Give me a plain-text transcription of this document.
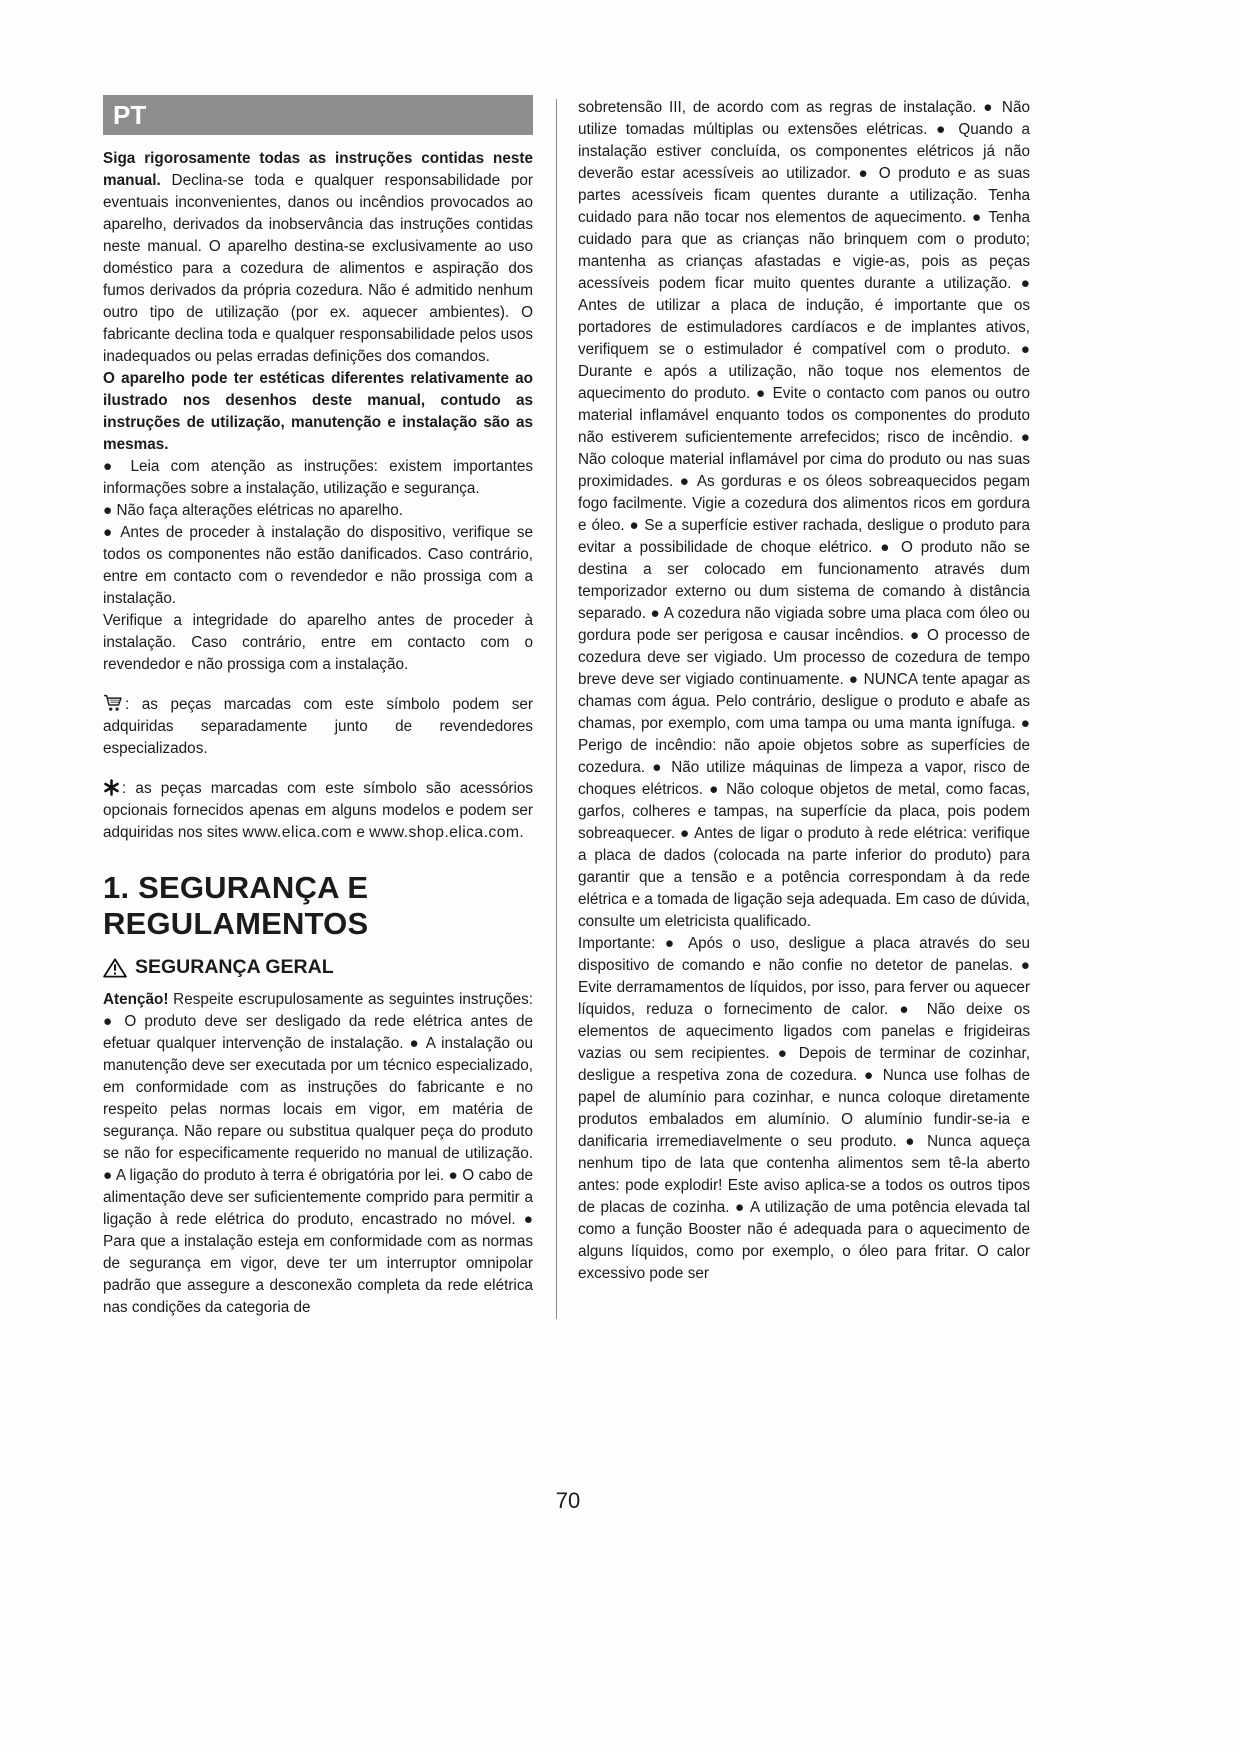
PT

Siga rigorosamente todas as instruções contidas neste manual. Declina-se toda e qualquer responsabilidade por eventuais inconvenientes, danos ou incêndios provocados ao aparelho, derivados da inobservância das instruções contidas neste manual. O aparelho destina-se exclusivamente ao uso doméstico para a cozedura de alimentos e aspiração dos fumos derivados da própria cozedura. Não é admitido nenhum outro tipo de utilização (por ex. aquecer ambientes). O fabricante declina toda e qualquer responsabilidade pelos usos inadequados ou pelas erradas definições dos comandos.

O aparelho pode ter estéticas diferentes relativamente ao ilustrado nos desenhos deste manual, contudo as instruções de utilização, manutenção e instalação são as mesmas.

● Leia com atenção as instruções: existem importantes informações sobre a instalação, utilização e segurança.

● Não faça alterações elétricas no aparelho.

● Antes de proceder à instalação do dispositivo, verifique se todos os componentes não estão danificados. Caso contrário, entre em contacto com o revendedor e não prossiga com a instalação.

Verifique a integridade do aparelho antes de proceder à instalação. Caso contrário, entre em contacto com o revendedor e não prossiga com a instalação.

: as peças marcadas com este símbolo podem ser adquiridas separadamente junto de revendedores especializados.

: as peças marcadas com este símbolo são acessórios opcionais fornecidos apenas em alguns modelos e podem ser adquiridas nos sites www.elica.com e www.shop.elica.com.

1. SEGURANÇA E REGULAMENTOS
SEGURANÇA GERAL

Atenção! Respeite escrupulosamente as seguintes instruções: ● O produto deve ser desligado da rede elétrica antes de efetuar qualquer intervenção de instalação. ● A instalação ou manutenção deve ser executada por um técnico especializado, em conformidade com as instruções do fabricante e no respeito pelas normas locais em vigor, em matéria de segurança. Não repare ou substitua qualquer peça do produto se não for especificamente requerido no manual de utilização. ● A ligação do produto à terra é obrigatória por lei. ● O cabo de alimentação deve ser suficientemente comprido para permitir a ligação à rede elétrica do produto, encastrado no móvel. ● Para que a instalação esteja em conformidade com as normas de segurança em vigor, deve ter um interruptor omnipolar padrão que assegure a desconexão completa da rede elétrica nas condições da categoria de

sobretensão III, de acordo com as regras de instalação. ● Não utilize tomadas múltiplas ou extensões elétricas. ● Quando a instalação estiver concluída, os componentes elétricos já não deverão estar acessíveis ao utilizador. ● O produto e as suas partes acessíveis ficam quentes durante a utilização. Tenha cuidado para não tocar nos elementos de aquecimento. ● Tenha cuidado para que as crianças não brinquem com o produto; mantenha as crianças afastadas e vigie-as, pois as peças acessíveis podem ficar muito quentes durante a utilização. ● Antes de utilizar a placa de indução, é importante que os portadores de estimuladores cardíacos e de implantes ativos, verifiquem se o estimulador é compatível com o produto. ● Durante e após a utilização, não toque nos elementos de aquecimento do produto. ● Evite o contacto com panos ou outro material inflamável enquanto todos os componentes do produto não estiverem suficientemente arrefecidos; risco de incêndio. ● Não coloque material inflamável por cima do produto ou nas suas proximidades. ● As gorduras e os óleos sobreaquecidos pegam fogo facilmente. Vigie a cozedura dos alimentos ricos em gordura e óleo. ● Se a superfície estiver rachada, desligue o produto para evitar a possibilidade de choque elétrico. ● O produto não se destina a ser colocado em funcionamento através dum temporizador externo ou dum sistema de comando à distância separado. ● A cozedura não vigiada sobre uma placa com óleo ou gordura pode ser perigosa e causar incêndios. ● O processo de cozedura deve ser vigiado. Um processo de cozedura de tempo breve deve ser vigiado continuamente. ● NUNCA tente apagar as chamas com água. Pelo contrário, desligue o produto e abafe as chamas, por exemplo, com uma tampa ou uma manta ignífuga. ● Perigo de incêndio: não apoie objetos sobre as superfícies de cozedura. ● Não utilize máquinas de limpeza a vapor, risco de choques elétricos. ● Não coloque objetos de metal, como facas, garfos, colheres e tampas, na superfície da placa, pois podem sobreaquecer. ● Antes de ligar o produto à rede elétrica: verifique a placa de dados (colocada na parte inferior do produto) para garantir que a tensão e a potência correspondam à da rede elétrica e a tomada de ligação seja adequada. Em caso de dúvida, consulte um eletricista qualificado.

Importante: ● Após o uso, desligue a placa através do seu dispositivo de comando e não confie no detetor de panelas. ● Evite derramamentos de líquidos, por isso, para ferver ou aquecer líquidos, reduza o fornecimento de calor. ● Não deixe os elementos de aquecimento ligados com panelas e frigideiras vazias ou sem recipientes. ● Depois de terminar de cozinhar, desligue a respetiva zona de cozedura. ● Nunca use folhas de papel de alumínio para cozinhar, e nunca coloque diretamente produtos embalados em alumínio. O alumínio fundir-se-ia e danificaria irremediavelmente o seu produto. ● Nunca aqueça nenhum tipo de lata que contenha alimentos sem tê-la aberto antes: pode explodir! Este aviso aplica-se a todos os outros tipos de placas de cozinha. ● A utilização de uma potência elevada tal como a função Booster não é adequada para o aquecimento de alguns líquidos, como por exemplo, o óleo para fritar. O calor excessivo pode ser

70
